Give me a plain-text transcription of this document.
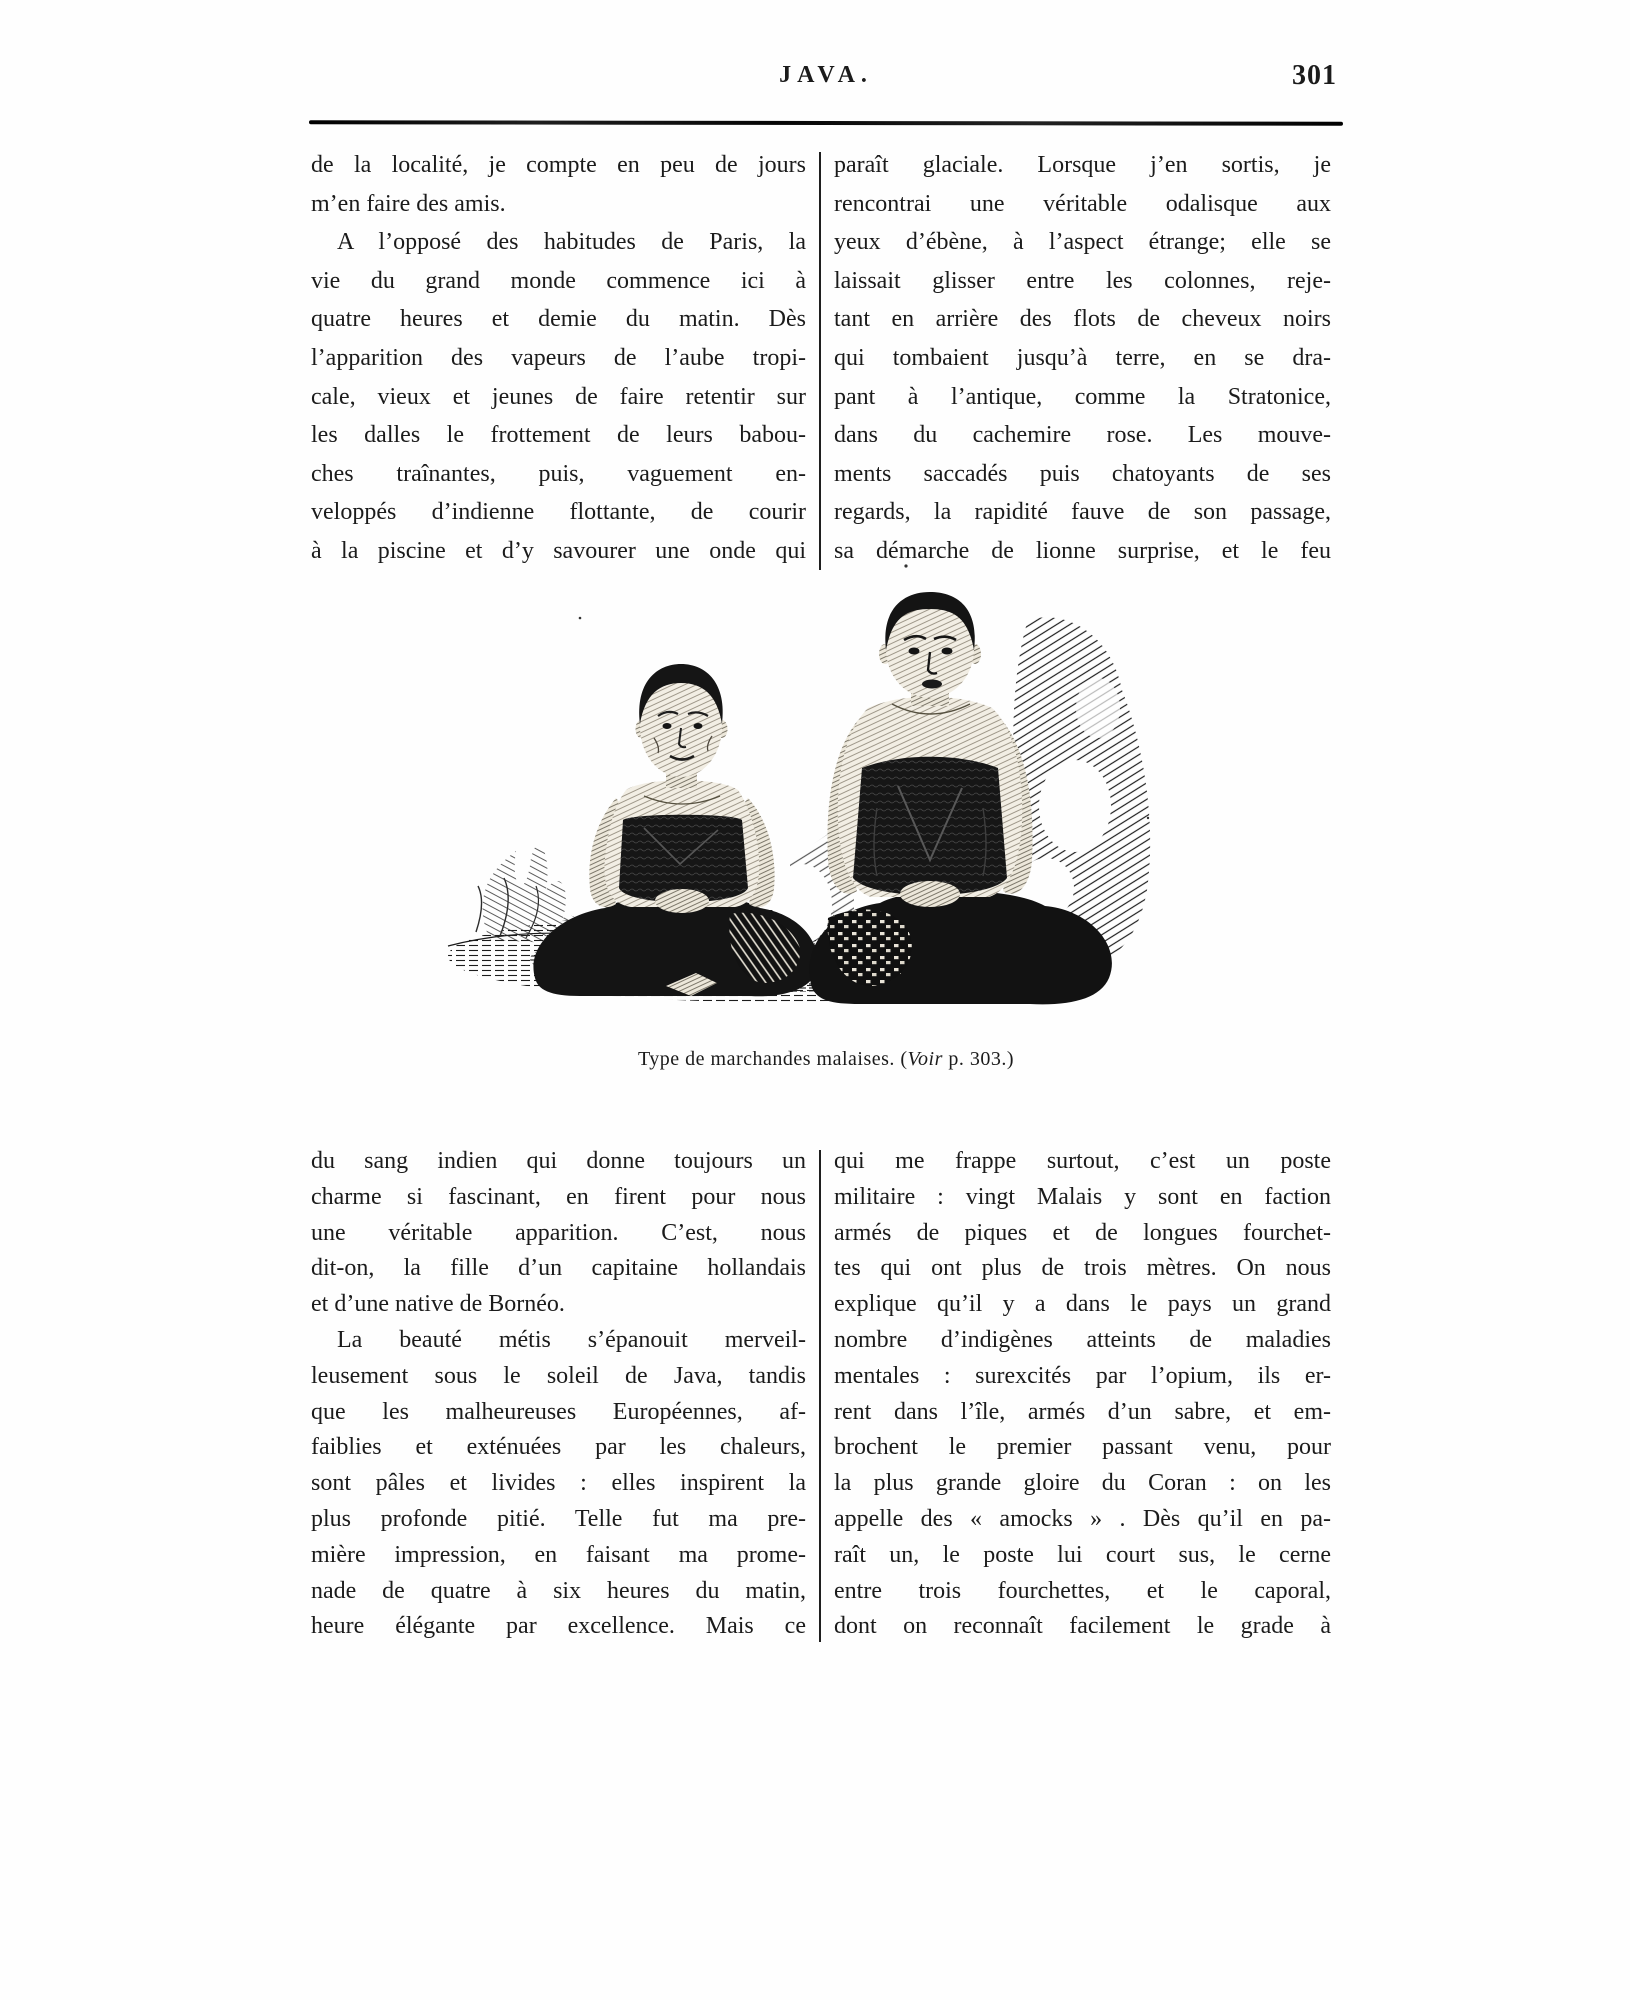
JAVA.	301
de la localité, je compte en peu de jours
m’en faire des amis.
A l’opposé des habitudes de Paris, la
vie du grand monde commence ici à
quatre heures et demie du matin. Dès
l’apparition des vapeurs de l’aube tropi-
cale, vieux et jeunes de faire retentir sur
les dalles le frottement de leurs babou-
ches traînantes, puis, vaguement en-
veloppés d’indienne flottante, de courir
à la piscine et d’y savourer une onde qui
paraît glaciale. Lorsque j’en sortis, je
rencontrai une véritable odalisque aux
yeux d’ébène, à l’aspect étrange; elle se
laissait glisser entre les colonnes, reje-
tant en arrière des flots de cheveux noirs
qui tombaient jusqu’à terre, en se dra-
pant à l’antique, comme la Stratonice,
dans du cachemire rose. Les mouve-
ments saccadés puis chatoyants de ses
regards, la rapidité fauve de son passage,
sa démarche de lionne surprise, et le feu
Type de marchandes malaises. (Voir p. 303.)
du sang indien qui donne toujours un
charme si fascinant, en firent pour nous
une véritable apparition. C’est, nous
dit-on, la fille d’un capitaine hollandais
et d’une native de Bornéo.
La beauté métis s’épanouit merveil-
leusement sous le soleil de Java, tandis
que les malheureuses Européennes, af-
faiblies et exténuées par les chaleurs,
sont pâles et livides : elles inspirent la
plus profonde pitié. Telle fut ma pre-
mière impression, en faisant ma prome-
nade de quatre à six heures du matin,
heure élégante par excellence. Mais ce
qui me frappe surtout, c’est un poste
militaire : vingt Malais y sont en faction
armés de piques et de longues fourchet-
tes qui ont plus de trois mètres. On nous
explique qu’il y a dans le pays un grand
nombre d’indigènes atteints de maladies
mentales : surexcités par l’opium, ils er-
rent dans l’île, armés d’un sabre, et em-
brochent le premier passant venu, pour
la plus grande gloire du Coran : on les
appelle des « amocks » . Dès qu’il en pa-
raît un, le poste lui court sus, le cerne
entre trois fourchettes, et le caporal,
dont on reconnaît facilement le grade à
